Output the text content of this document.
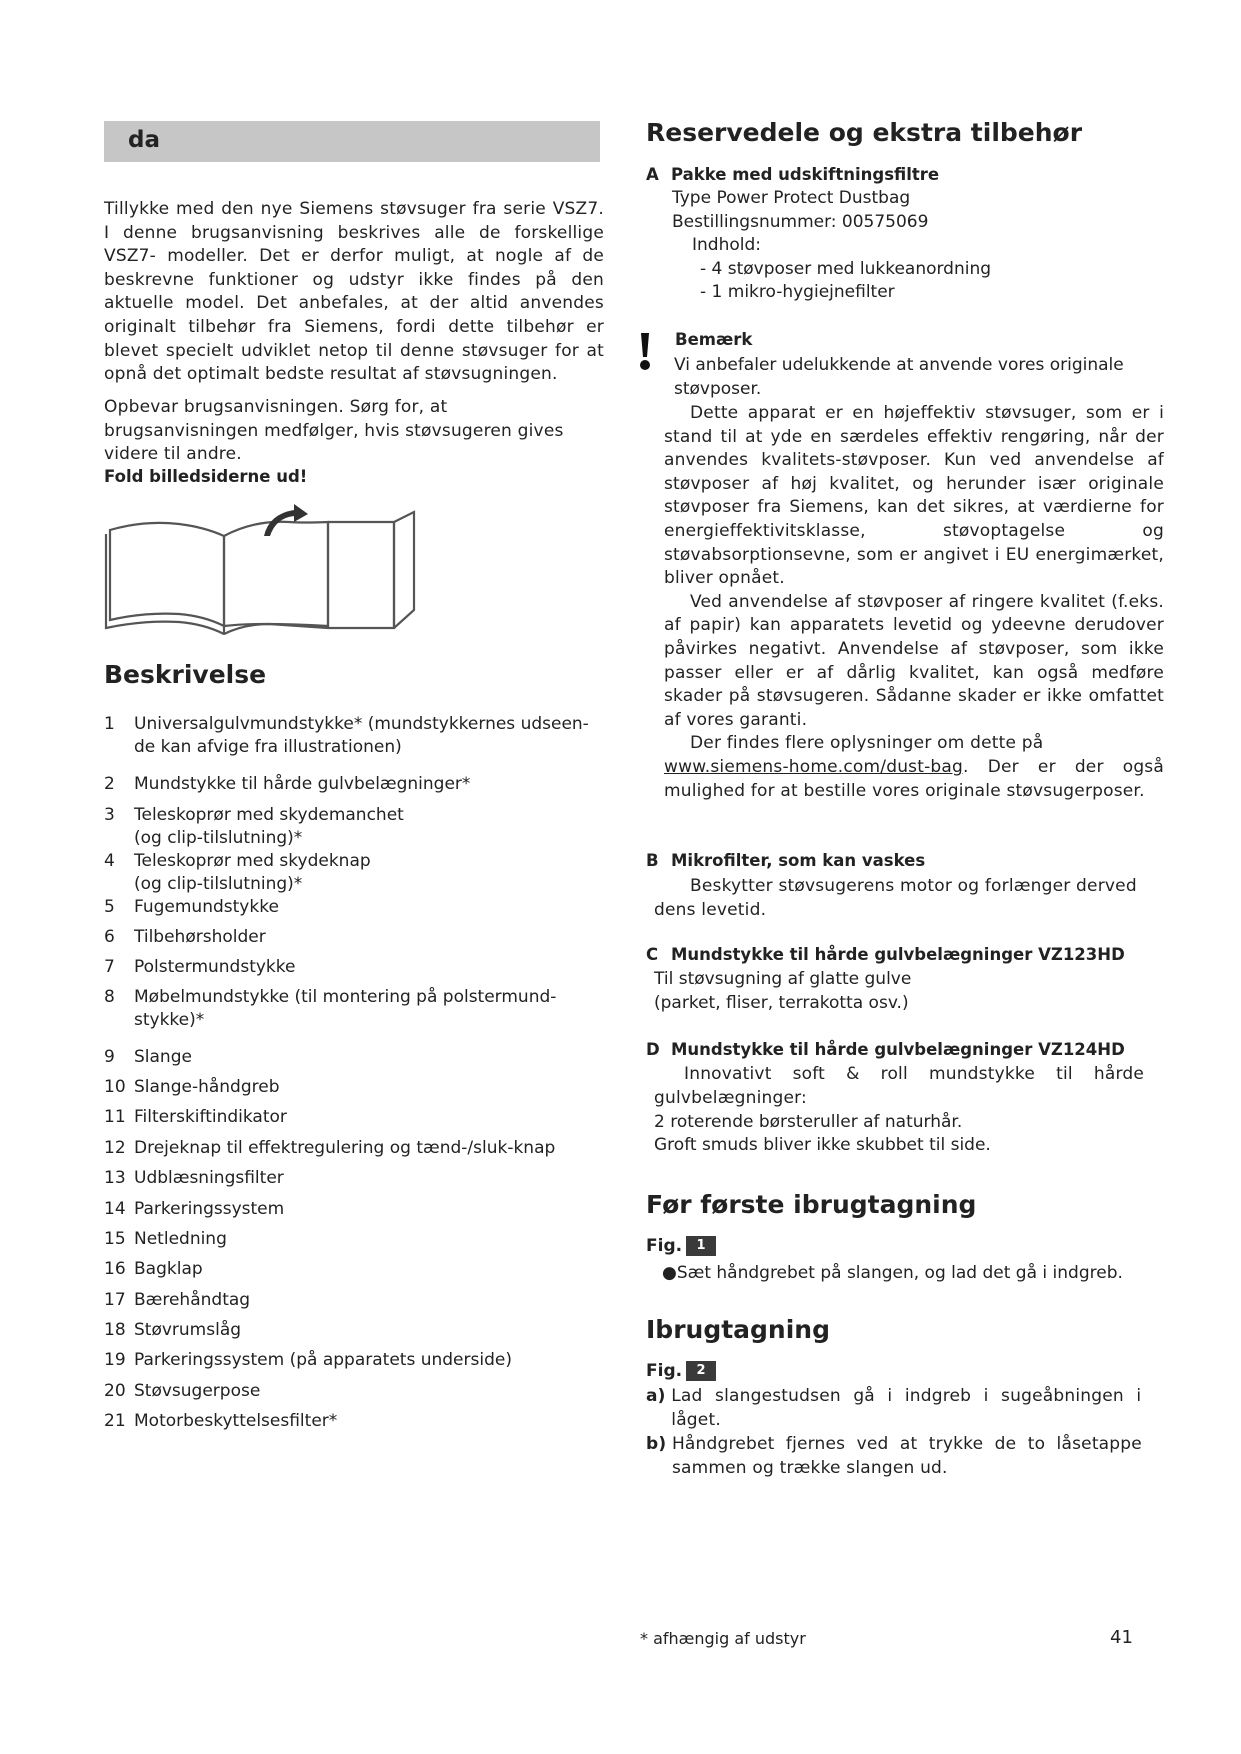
da

Tillykke med den nye Siemens støvsuger fra serie VSZ7. I denne brugsanvisning beskrives alle de forskellige VSZ7- modeller. Det er derfor muligt, at nogle af de beskrevne funktioner og udstyr ikke findes på den aktuelle model. Det anbefales, at der altid anvendes originalt tilbehør fra Siemens, fordi dette tilbehør er blevet specielt udviklet netop til denne støvsuger for at opnå det optimalt bedste resultat af støvsugningen.

Opbevar brugsanvisningen. Sørg for, at brugsanvisningen medfølger, hvis støvsugeren gives videre til andre.

Fold billedsiderne ud!

Beskrivelse
1 Universalgulvmundstykke* (mundstykkernes udseen-
de kan afvige fra illustrationen)
2 Mundstykke til hårde gulvbelægninger*
3 Teleskoprør med skydemanchet
(og clip-tilslutning)*
4 Teleskoprør med skydeknap
(og clip-tilslutning)*
5 Fugemundstykke
6 Tilbehørsholder
7 Polstermundstykke
8 Møbelmundstykke (til montering på polstermund-
stykke)*
9 Slange
10 Slange-håndgreb
11 Filterskiftindikator
12 Drejeknap til effektregulering og tænd-/sluk-knap
13 Udblæsningsfilter
14 Parkeringssystem
15 Netledning
16 Bagklap
17 Bærehåndtag
18 Støvrumslåg
19 Parkeringssystem (på apparatets underside)
20 Støvsugerpose
21 Motorbeskyttelsesfilter*
Reservedele og ekstra tilbehør
A Pakke med udskiftningsfiltre
Type Power Protect Dustbag
Bestillingsnummer: 00575069
Indhold:
- 4 støvposer med lukkeanordning
- 1 mikro-hygiejnefilter
Bemærk
Vi anbefaler udelukkende at anvende vores originale støvposer.

Dette apparat er en højeffektiv støvsuger, som er i stand til at yde en særdeles effektiv rengøring, når der anvendes kvalitets-støvposer. Kun ved anvendelse af støvposer af høj kvalitet, og herunder især originale støvposer fra Siemens, kan det sikres, at værdierne for energieffektivitsklasse, støvoptagelse og støvabsorptionsevne, som er angivet i EU energimærket, bliver opnået.

Ved anvendelse af støvposer af ringere kvalitet (f.eks. af papir) kan apparatets levetid og ydeevne derudover påvirkes negativt. Anvendelse af støvposer, som ikke passer eller er af dårlig kvalitet, kan også medføre skader på støvsugeren. Sådanne skader er ikke omfattet af vores garanti.

Der findes flere oplysninger om dette på
www.siemens-home.com/dust-bag. Der er der også mulighed for at bestille vores originale støvsugerposer.

B Mikrofilter, som kan vaskes
Beskytter støvsugerens motor og forlænger derved dens levetid.
C Mundstykke til hårde gulvbelægninger VZ123HD
Til støvsugning af glatte gulve
(parket, fliser, terrakotta osv.)
D Mundstykke til hårde gulvbelægninger VZ124HD
Innovativt soft & roll mundstykke til hårde gulvbelægninger:
2 roterende børsteruller af naturhår.
Groft smuds bliver ikke skubbet til side.
Før første ibrugtagning
Fig. 1
●Sæt håndgrebet på slangen, og lad det gå i indgreb.
Ibrugtagning
Fig. 2
a) Lad slangestudsen gå i indgreb i sugeåbningen i låget.
b) Håndgrebet fjernes ved at trykke de to låsetappe sammen og trække slangen ud.
* afhængig af udstyr	41
